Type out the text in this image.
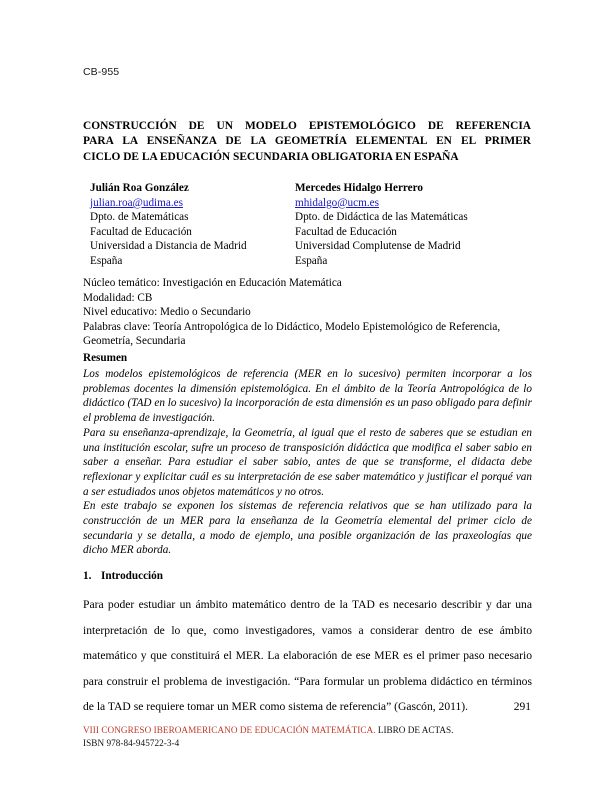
CB-955
CONSTRUCCIÓN DE UN MODELO EPISTEMOLÓGICO DE REFERENCIA
PARA LA ENSEÑANZA DE LA GEOMETRÍA ELEMENTAL EN EL PRIMER
CICLO DE LA EDUCACIÓN SECUNDARIA OBLIGATORIA EN ESPAÑA
Julián Roa González
julian.roa@udima.es
Dpto. de Matemáticas
Facultad de Educación
Universidad a Distancia de Madrid
España
Mercedes Hidalgo Herrero
mhidalgo@ucm.es
Dpto. de Didáctica de las Matemáticas
Facultad de Educación
Universidad Complutense de Madrid
España
Núcleo temático: Investigación en Educación Matemática
Modalidad: CB
Nivel educativo: Medio o Secundario
Palabras clave: Teoría Antropológica de lo Didáctico, Modelo Epistemológico de Referencia, Geometría, Secundaria
Resumen

Los modelos epistemológicos de referencia (MER en lo sucesivo) permiten incorporar a los problemas docentes la dimensión epistemológica. En el ámbito de la Teoría Antropológica de lo didáctico (TAD en lo sucesivo) la incorporación de esta dimensión es un paso obligado para definir el problema de investigación.

Para su enseñanza-aprendizaje, la Geometría, al igual que el resto de saberes que se estudian en una institución escolar, sufre un proceso de transposición didáctica que modifica el saber sabio en saber a enseñar. Para estudiar el saber sabio, antes de que se transforme, el didacta debe reflexionar y explicitar cuál es su interpretación de ese saber matemático y justificar el porqué van a ser estudiados unos objetos matemáticos y no otros.

En este trabajo se exponen los sistemas de referencia relativos que se han utilizado para la construcción de un MER para la enseñanza de la Geometría elemental del primer ciclo de secundaria y se detalla, a modo de ejemplo, una posible organización de las praxeologías que dicho MER aborda.

1. Introducción

Para poder estudiar un ámbito matemático dentro de la TAD es necesario describir y dar una interpretación de lo que, como investigadores, vamos a considerar dentro de ese ámbito matemático y que constituirá el MER. La elaboración de ese MER es el primer paso necesario para construir el problema de investigación. “Para formular un problema didáctico en términos de la TAD se requiere tomar un MER como sistema de referencia” (Gascón, 2011).	291
VIII CONGRESO IBEROAMERICANO DE EDUCACIÓN MATEMÁTICA. LIBRO DE ACTAS.
ISBN 978-84-945722-3-4
